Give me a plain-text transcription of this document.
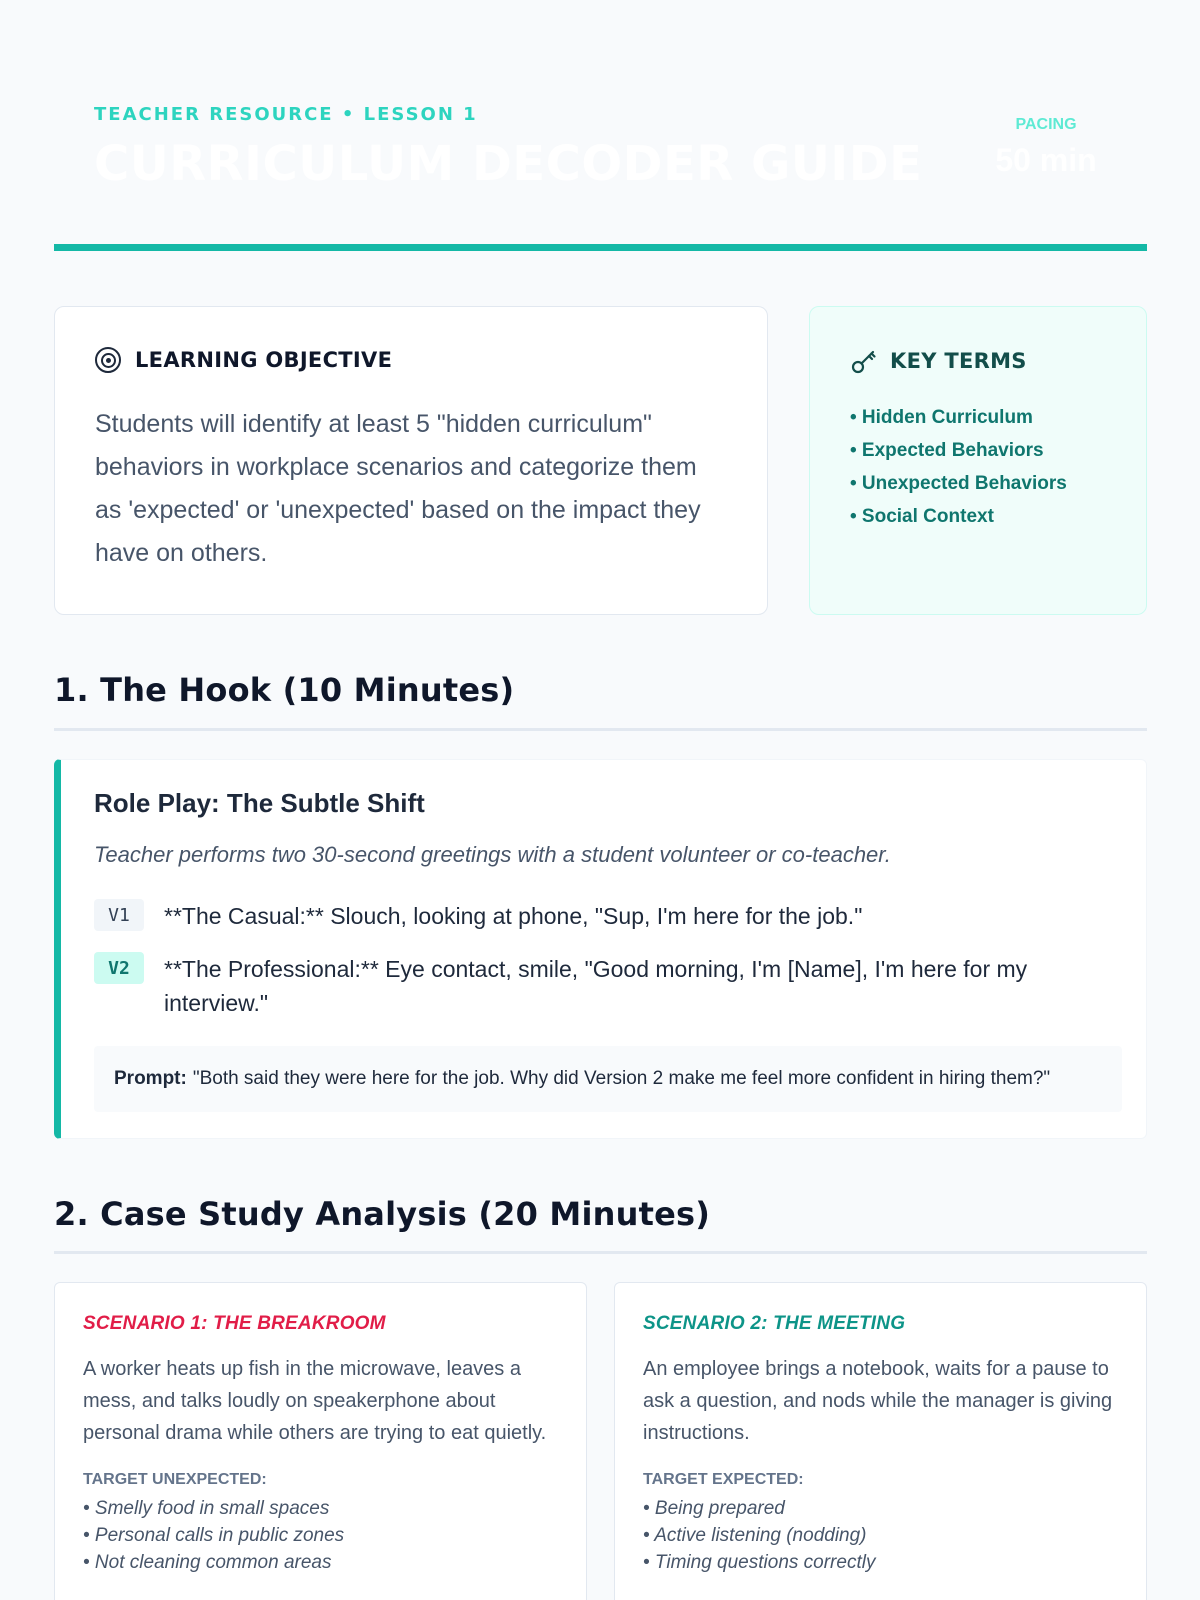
TEACHER RESOURCE • LESSON 1
CURRICULUM DECODER GUIDE
PACING
50 min
LEARNING OBJECTIVE

Students will identify at least 5 "hidden curriculum" behaviors in workplace scenarios and categorize them as 'expected' or 'unexpected' based on the impact they have on others.

KEY TERMS
• Hidden Curriculum
• Expected Behaviors
• Unexpected Behaviors
• Social Context
1. The Hook (10 Minutes)
Role Play: The Subtle Shift
Teacher performs two 30-second greetings with a student volunteer or co-teacher.
V1	**The Casual:** Slouch, looking at phone, "Sup, I'm here for the job."
V2	**The Professional:** Eye contact, smile, "Good morning, I'm [Name], I'm here for my interview."
Prompt: "Both said they were here for the job. Why did Version 2 make me feel more confident in hiring them?"
2. Case Study Analysis (20 Minutes)
SCENARIO 1: THE BREAKROOM

A worker heats up fish in the microwave, leaves a mess, and talks loudly on speakerphone about personal drama while others are trying to eat quietly.

TARGET UNEXPECTED:
• Smelly food in small spaces
• Personal calls in public zones
• Not cleaning common areas
SCENARIO 2: THE MEETING

An employee brings a notebook, waits for a pause to ask a question, and nods while the manager is giving instructions.

TARGET EXPECTED:
• Being prepared
• Active listening (nodding)
• Timing questions correctly
